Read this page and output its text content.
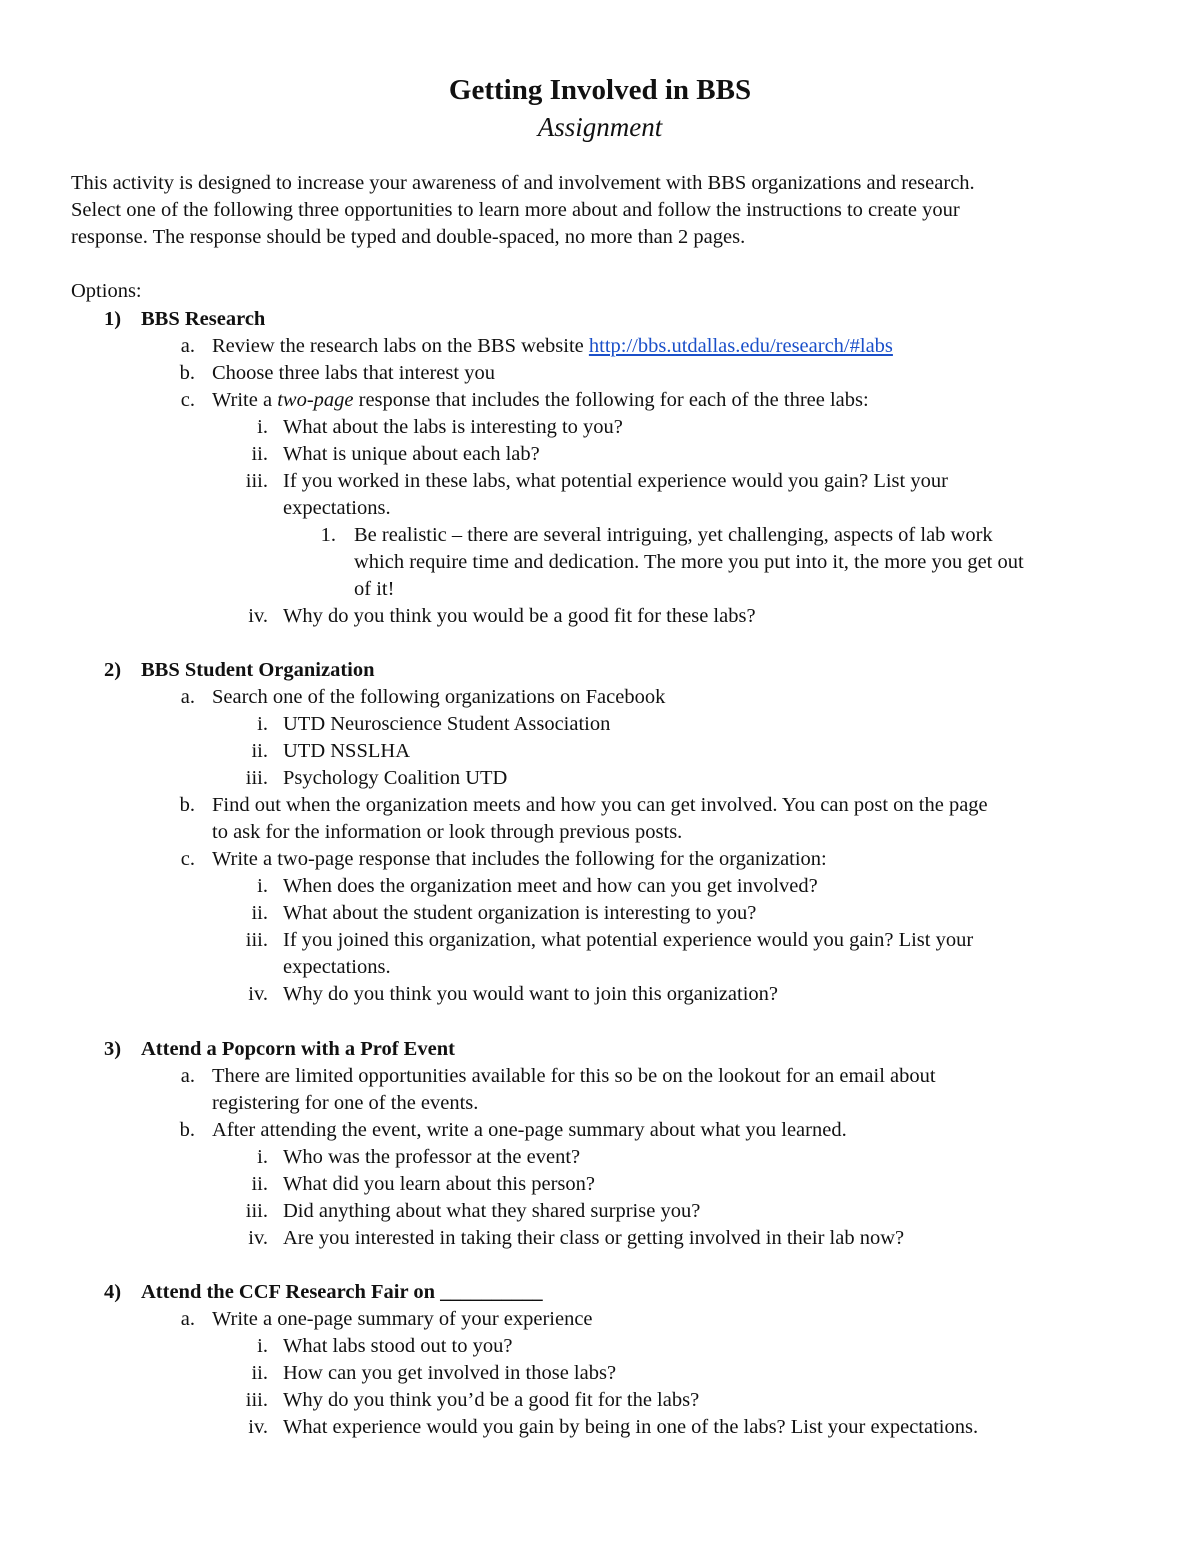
Getting Involved in BBS
Assignment
This activity is designed to increase your awareness of and involvement with BBS organizations and research.
Select one of the following three opportunities to learn more about and follow the instructions to create your
response. The response should be typed and double-spaced, no more than 2 pages.
Options:
1) BBS Research
a. Review the research labs on the BBS website http://bbs.utdallas.edu/research/#labs
b. Choose three labs that interest you
c. Write a two-page response that includes the following for each of the three labs:
i. What about the labs is interesting to you?
ii. What is unique about each lab?
iii. If you worked in these labs, what potential experience would you gain? List your
expectations.
1. Be realistic – there are several intriguing, yet challenging, aspects of lab work
which require time and dedication. The more you put into it, the more you get out
of it!
iv. Why do you think you would be a good fit for these labs?
2) BBS Student Organization
a. Search one of the following organizations on Facebook
i. UTD Neuroscience Student Association
ii. UTD NSSLHA
iii. Psychology Coalition UTD
b. Find out when the organization meets and how you can get involved. You can post on the page
to ask for the information or look through previous posts.
c. Write a two-page response that includes the following for the organization:
i. When does the organization meet and how can you get involved?
ii. What about the student organization is interesting to you?
iii. If you joined this organization, what potential experience would you gain? List your
expectations.
iv. Why do you think you would want to join this organization?
3) Attend a Popcorn with a Prof Event
a. There are limited opportunities available for this so be on the lookout for an email about
registering for one of the events.
b. After attending the event, write a one-page summary about what you learned.
i. Who was the professor at the event?
ii. What did you learn about this person?
iii. Did anything about what they shared surprise you?
iv. Are you interested in taking their class or getting involved in their lab now?
4) Attend the CCF Research Fair on __________
a. Write a one-page summary of your experience
i. What labs stood out to you?
ii. How can you get involved in those labs?
iii. Why do you think you’d be a good fit for the labs?
iv. What experience would you gain by being in one of the labs? List your expectations.
